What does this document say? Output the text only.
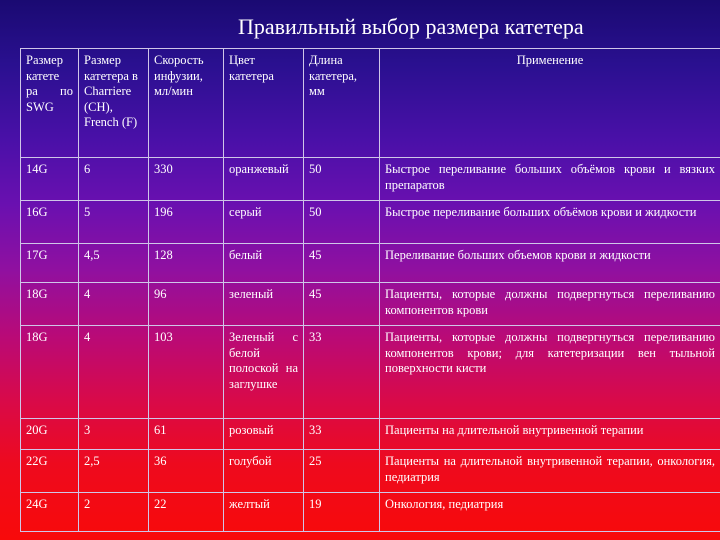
Правильный выбор размера катетера
Размер катете ра по SWG	Размер катетера в Charriere (CH), French (F)	Скорость инфузии, мл/мин	Цвет катетера	Длина катетера, мм	Применение
14G	6	330	оранжевый	50	Быстрое переливание больших объёмов крови и вязких препаратов
16G	5	196	серый	50	Быстрое переливание больших объёмов крови и жидкости
17G	4,5	128	белый	45	Переливание больших объемов крови и жидкости
18G	4	96	зеленый	45	Пациенты, которые должны подвергнуться переливанию компонентов крови
18G	4	103	Зеленый с белой полоской на заглушке	33	Пациенты, которые должны подвергнуться переливанию компонентов крови; для катетеризации вен тыльной поверхности кисти
20G	3	61	розовый	33	Пациенты на длительной внутривенной терапии
22G	2,5	36	голубой	25	Пациенты на длительной внутривенной терапии, онкология, педиатрия
24G	2	22	желтый	19	Онкология, педиатрия
